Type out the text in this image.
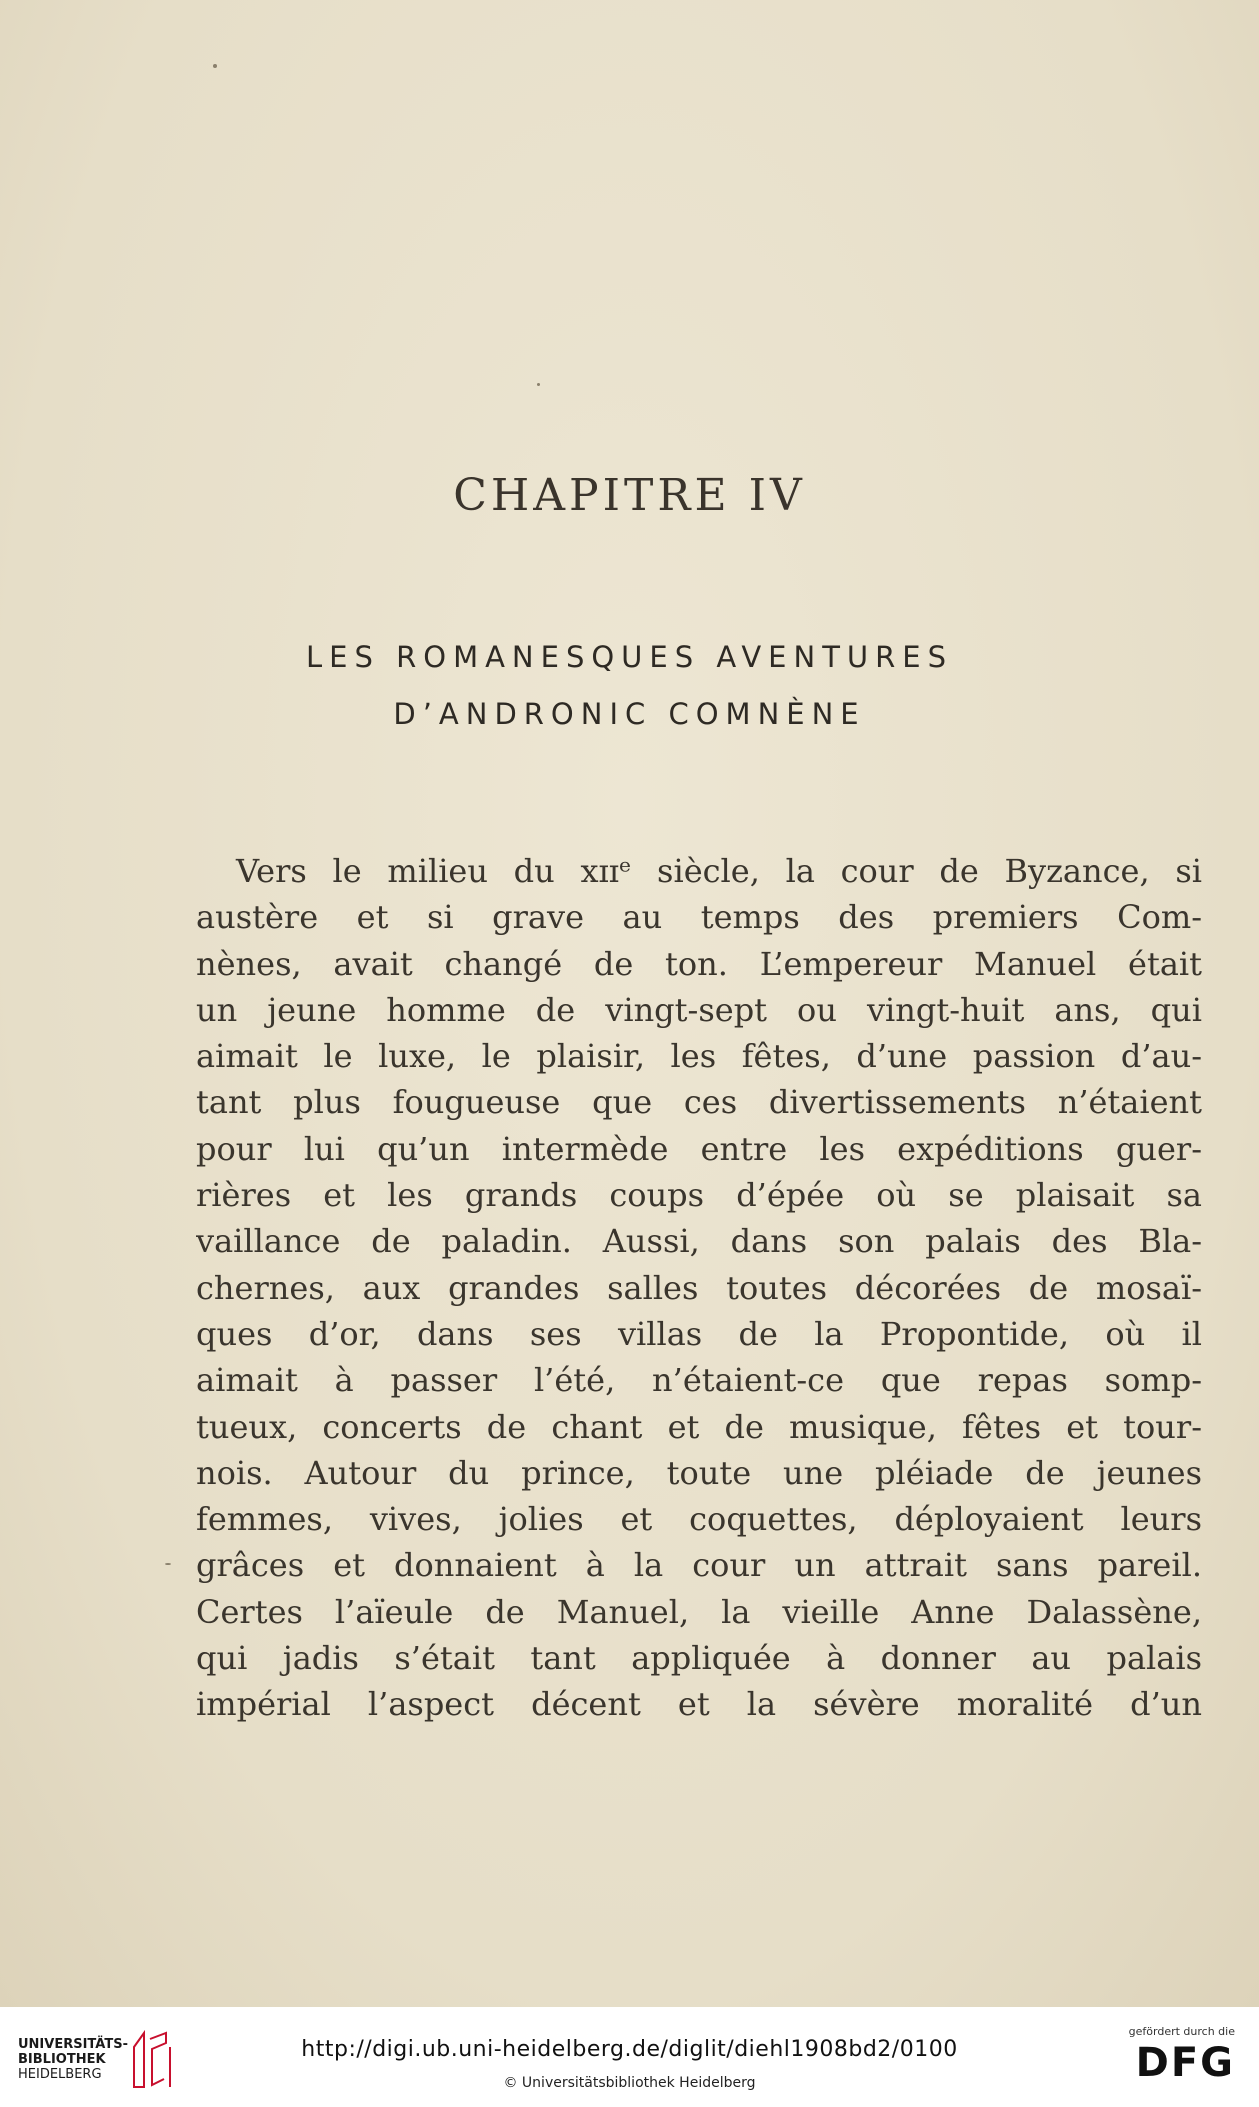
CHAPITRE IV
LES ROMANESQUES AVENTURES
D’ANDRONIC COMNÈNE
Vers le milieu du xɪɪᵉ siècle, la cour de Byzance, si
austère et si grave au temps des premiers Com-
nènes, avait changé de ton. L’empereur Manuel était
un jeune homme de vingt-sept ou vingt-huit ans, qui
aimait le luxe, le plaisir, les fêtes, d’une passion d’au-
tant plus fougueuse que ces divertissements n’étaient
pour lui qu’un intermède entre les expéditions guer-
rières et les grands coups d’épée où se plaisait sa
vaillance de paladin. Aussi, dans son palais des Bla-
chernes, aux grandes salles toutes décorées de mosaï-
ques d’or, dans ses villas de la Propontide, où il
aimait à passer l’été, n’étaient-ce que repas somp-
tueux, concerts de chant et de musique, fêtes et tour-
nois. Autour du prince, toute une pléiade de jeunes
femmes, vives, jolies et coquettes, déployaient leurs
grâces et donnaient à la cour un attrait sans pareil.
Certes l’aïeule de Manuel, la vieille Anne Dalassène,
qui jadis s’était tant appliquée à donner au palais
impérial l’aspect décent et la sévère moralité d’un
UNIVERSITÄTS-
BIBLIOTHEK
HEIDELBERG
http://digi.ub.uni-heidelberg.de/diglit/diehl1908bd2/0100
© Universitätsbibliothek Heidelberg
gefördert durch die
DFG
